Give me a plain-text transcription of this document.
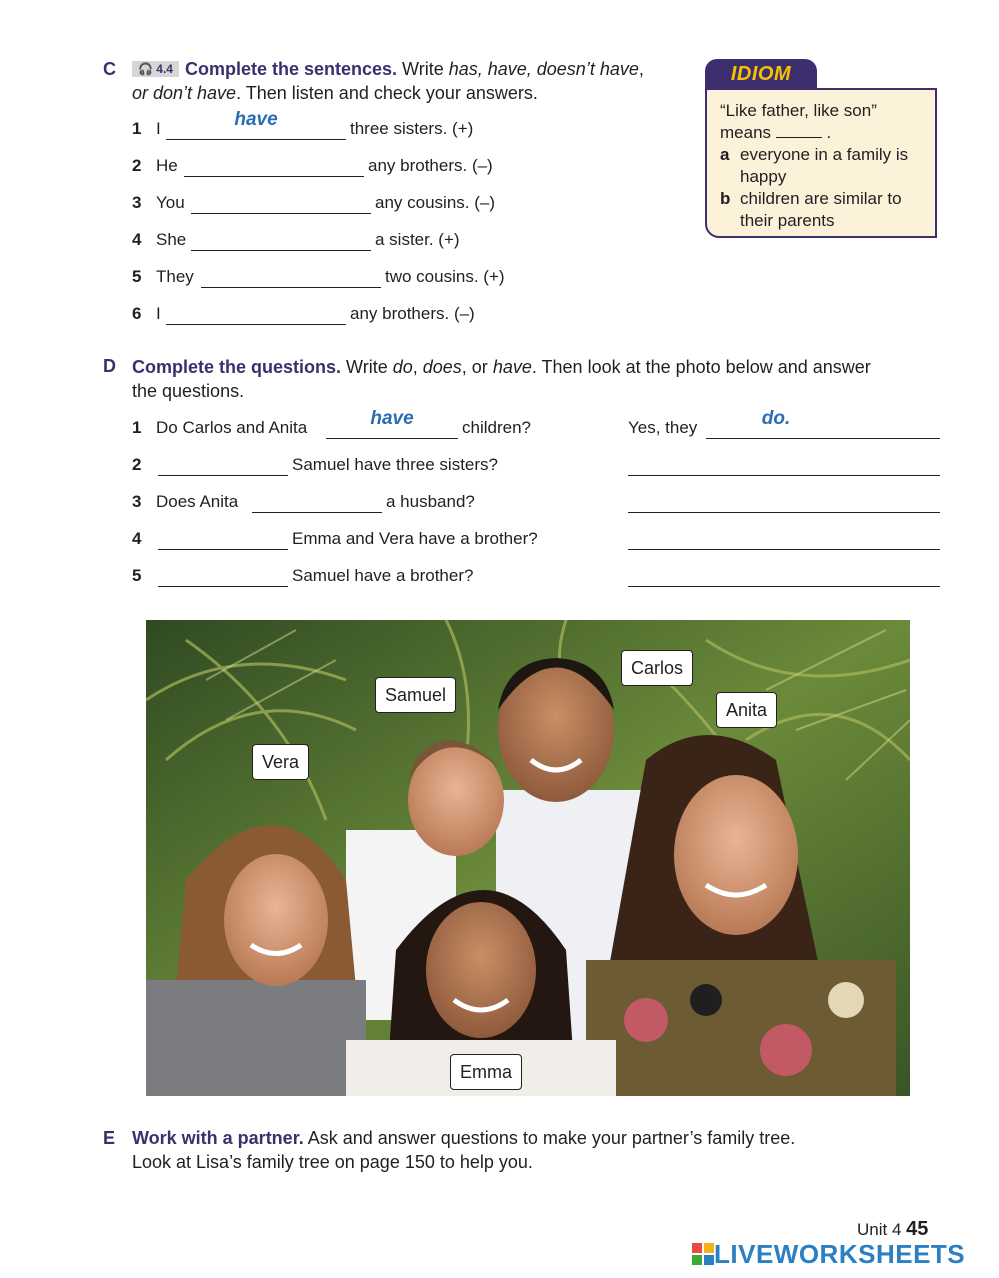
C	🎧 4.4 Complete the sentences. Write has, have, doesn’t have,
or don’t have. Then listen and check your answers.
1 I	have	three sisters. (+)
2 He	any brothers. (–)
3 You	any cousins. (–)
4 She	a sister. (+)
5 They	two cousins. (+)
6 I	any brothers. (–)
IDIOM
“Like father, like son”
means	.
a everyone in a family is
happy
b children are similar to
their parents
D Complete the questions. Write do, does, or have. Then look at the photo below and answer
the questions.
1 Do Carlos and Anita	have	children?	Yes, they	do.
2	Samuel have three sisters?
3 Does Anita	a husband?
4	Emma and Vera have a brother?
5	Samuel have a brother?
Carlos
Samuel
Anita
Vera
Emma
E Work with a partner. Ask and answer questions to make your partner’s family tree.
Look at Lisa’s family tree on page 150 to help you.
Unit 4 45
LIVEWORKSHEETS
